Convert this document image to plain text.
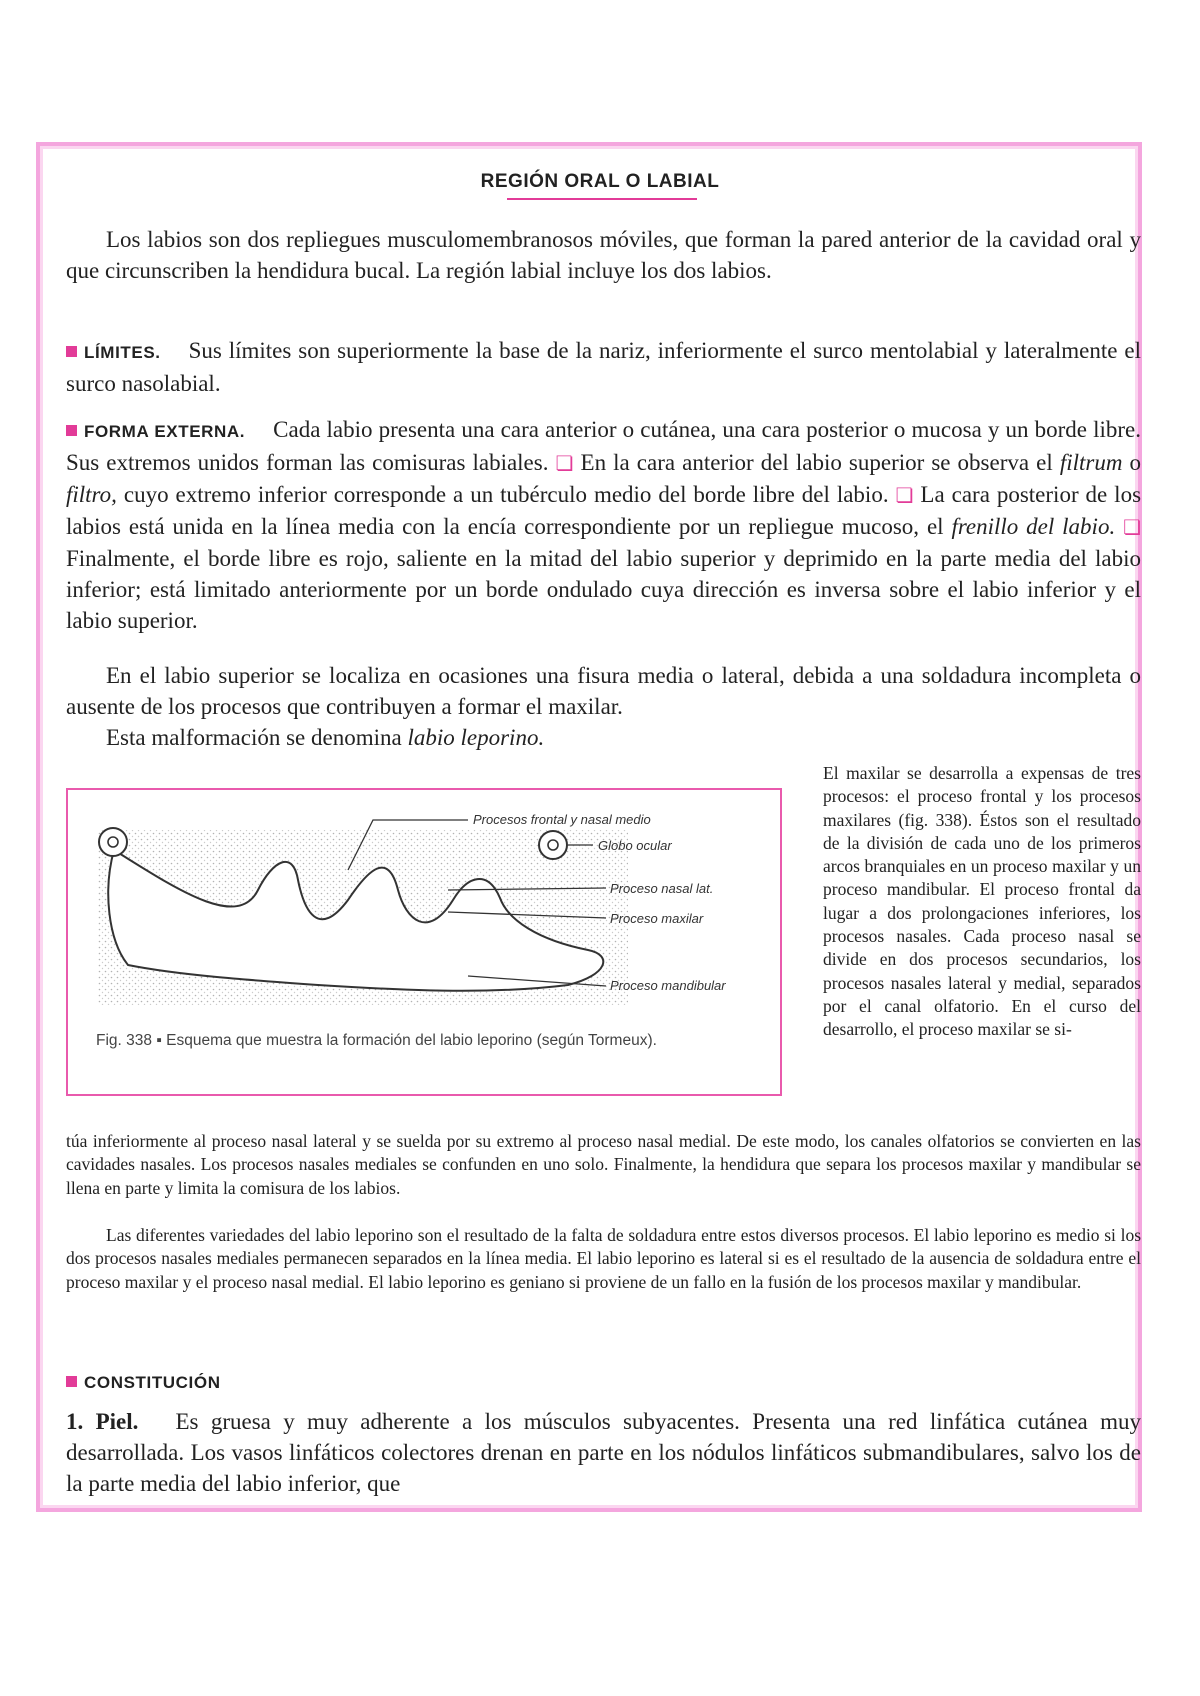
REGIÓN ORAL O LABIAL

Los labios son dos repliegues musculomembranosos móviles, que forman la pared anterior de la cavidad oral y que circunscriben la hendidura bucal. La región labial incluye los dos labios.

LÍMITES. Sus límites son superiormente la base de la nariz, inferiormente el surco mentolabial y lateralmente el surco nasolabial.

FORMA EXTERNA. Cada labio presenta una cara anterior o cutánea, una cara posterior o mucosa y un borde libre. Sus extremos unidos forman las comisuras labiales. ❏ En la cara anterior del labio superior se observa el filtrum o filtro, cuyo extremo inferior corresponde a un tubérculo medio del borde libre del labio. ❏ La cara posterior de los labios está unida en la línea media con la encía correspondiente por un repliegue mucoso, el frenillo del labio. ❏ Finalmente, el borde libre es rojo, saliente en la mitad del labio superior y deprimido en la parte media del labio inferior; está limitado anteriormente por un borde ondulado cuya dirección es inversa sobre el labio inferior y el labio superior.

En el labio superior se localiza en ocasiones una fisura media o lateral, debida a una soldadura incompleta o ausente de los procesos que contribuyen a formar el maxilar.

Esta malformación se denomina labio leporino.

Procesos frontal y nasal medio
Globo ocular
Proceso nasal lat.
Proceso maxilar
Proceso mandibular
Fig. 338 ▪ Esquema que muestra la formación del labio leporino (según Tormeux).

El maxilar se desarrolla a expensas de tres procesos: el proceso frontal y los procesos maxilares (fig. 338). Éstos son el resultado de la división de cada uno de los primeros arcos branquiales en un proceso maxilar y un proceso mandibular. El proceso frontal da lugar a dos prolongaciones inferiores, los procesos nasales. Cada proceso nasal se divide en dos procesos secundarios, los procesos nasales lateral y medial, separados por el canal olfatorio. En el curso del desarrollo, el proceso maxilar se si-

túa inferiormente al proceso nasal lateral y se suelda por su extremo al proceso nasal medial. De este modo, los canales olfatorios se convierten en las cavidades nasales. Los procesos nasales mediales se confunden en uno solo. Finalmente, la hendidura que separa los procesos maxilar y mandibular se llena en parte y limita la comisura de los labios.

Las diferentes variedades del labio leporino son el resultado de la falta de soldadura entre estos diversos procesos. El labio leporino es medio si los dos procesos nasales mediales permanecen separados en la línea media. El labio leporino es lateral si es el resultado de la ausencia de soldadura entre el proceso maxilar y el proceso nasal medial. El labio leporino es geniano si proviene de un fallo en la fusión de los procesos maxilar y mandibular.

CONSTITUCIÓN

1. Piel. Es gruesa y muy adherente a los músculos subyacentes. Presenta una red linfática cutánea muy desarrollada. Los vasos linfáticos colectores drenan en parte en los nódulos linfáticos submandibulares, salvo los de la parte media del labio inferior, que
